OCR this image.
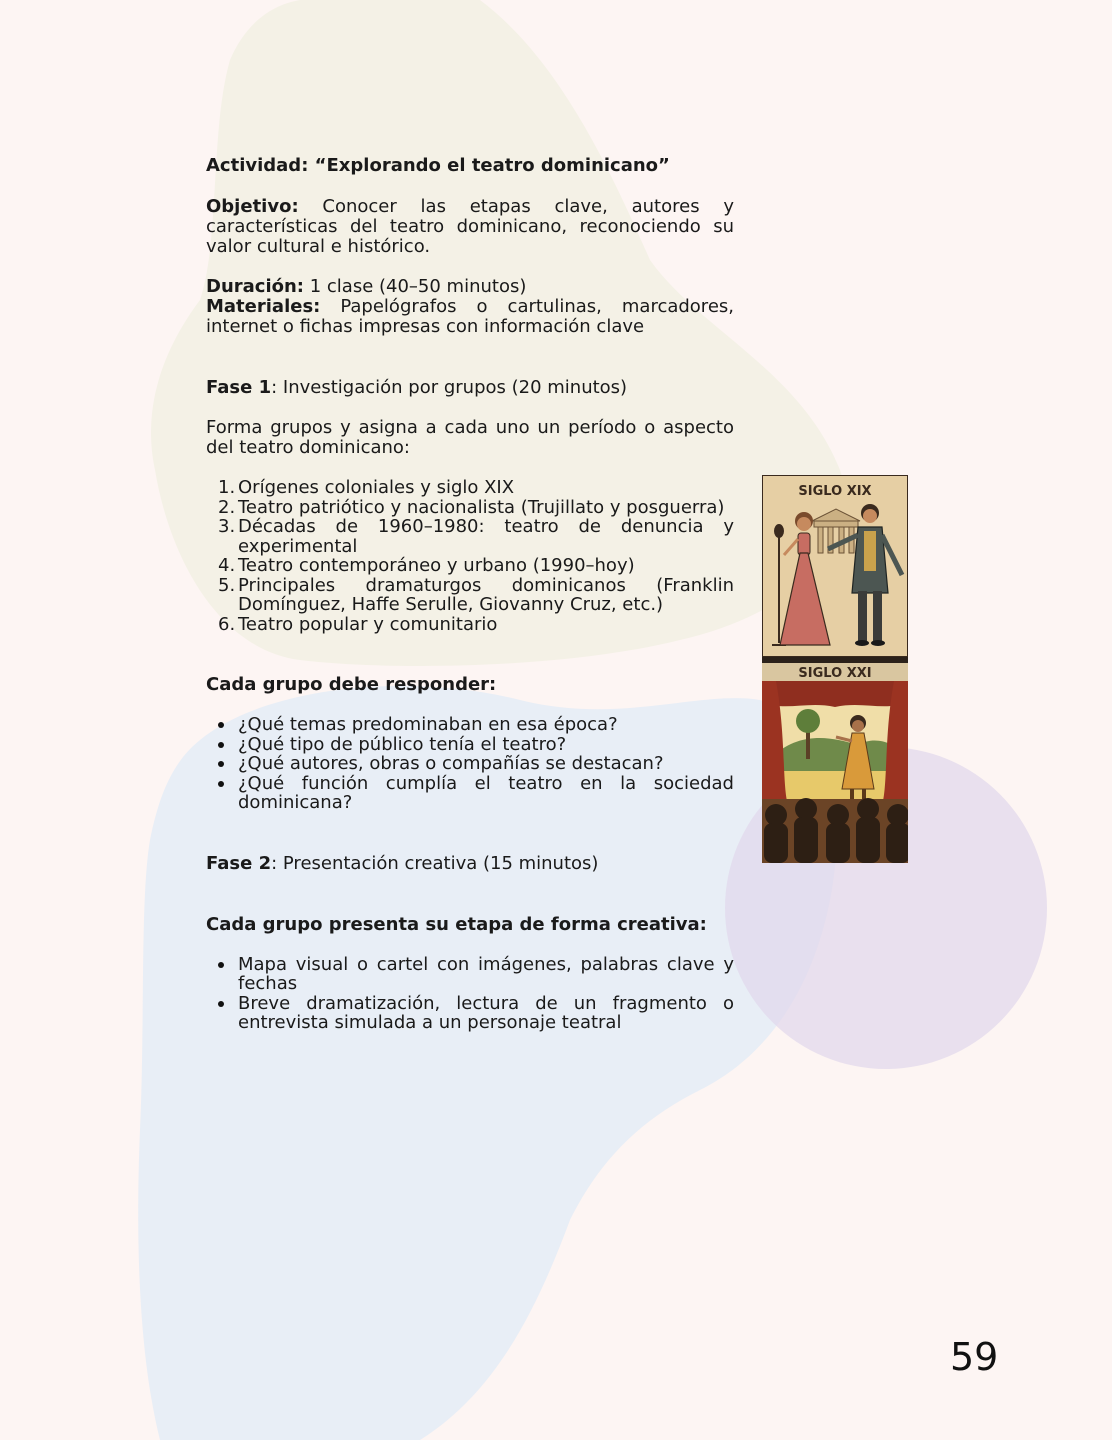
Actividad: “Explorando el teatro dominicano”

Objetivo: Conocer las etapas clave, autores y características del teatro dominicano, reconociendo su valor cultural e histórico.

Duración: 1 clase (40–50 minutos)

Materiales: Papelógrafos o cartulinas, marcadores, internet o fichas impresas con información clave

Fase 1: Investigación por grupos (20 minutos)

Forma grupos y asigna a cada uno un período o aspecto del teatro dominicano:

1. Orígenes coloniales y siglo XIX
2. Teatro patriótico y nacionalista (Trujillato y posguerra)
3. Décadas de 1960–1980: teatro de denuncia y experimental
4. Teatro contemporáneo y urbano (1990–hoy)
5. Principales dramaturgos dominicanos (Franklin Domínguez, Haffe Serulle, Giovanny Cruz, etc.)
6. Teatro popular y comunitario

Cada grupo debe responder:

¿Qué temas predominaban en esa época?
¿Qué tipo de público tenía el teatro?
¿Qué autores, obras o compañías se destacan?
¿Qué función cumplía el teatro en la sociedad dominicana?

Fase 2: Presentación creativa (15 minutos)

Cada grupo presenta su etapa de forma creativa:

Mapa visual o cartel con imágenes, palabras clave y fechas
Breve dramatización, lectura de un fragmento o entrevista simulada a un personaje teatral
SIGLO XIX
SIGLO XXI
59
